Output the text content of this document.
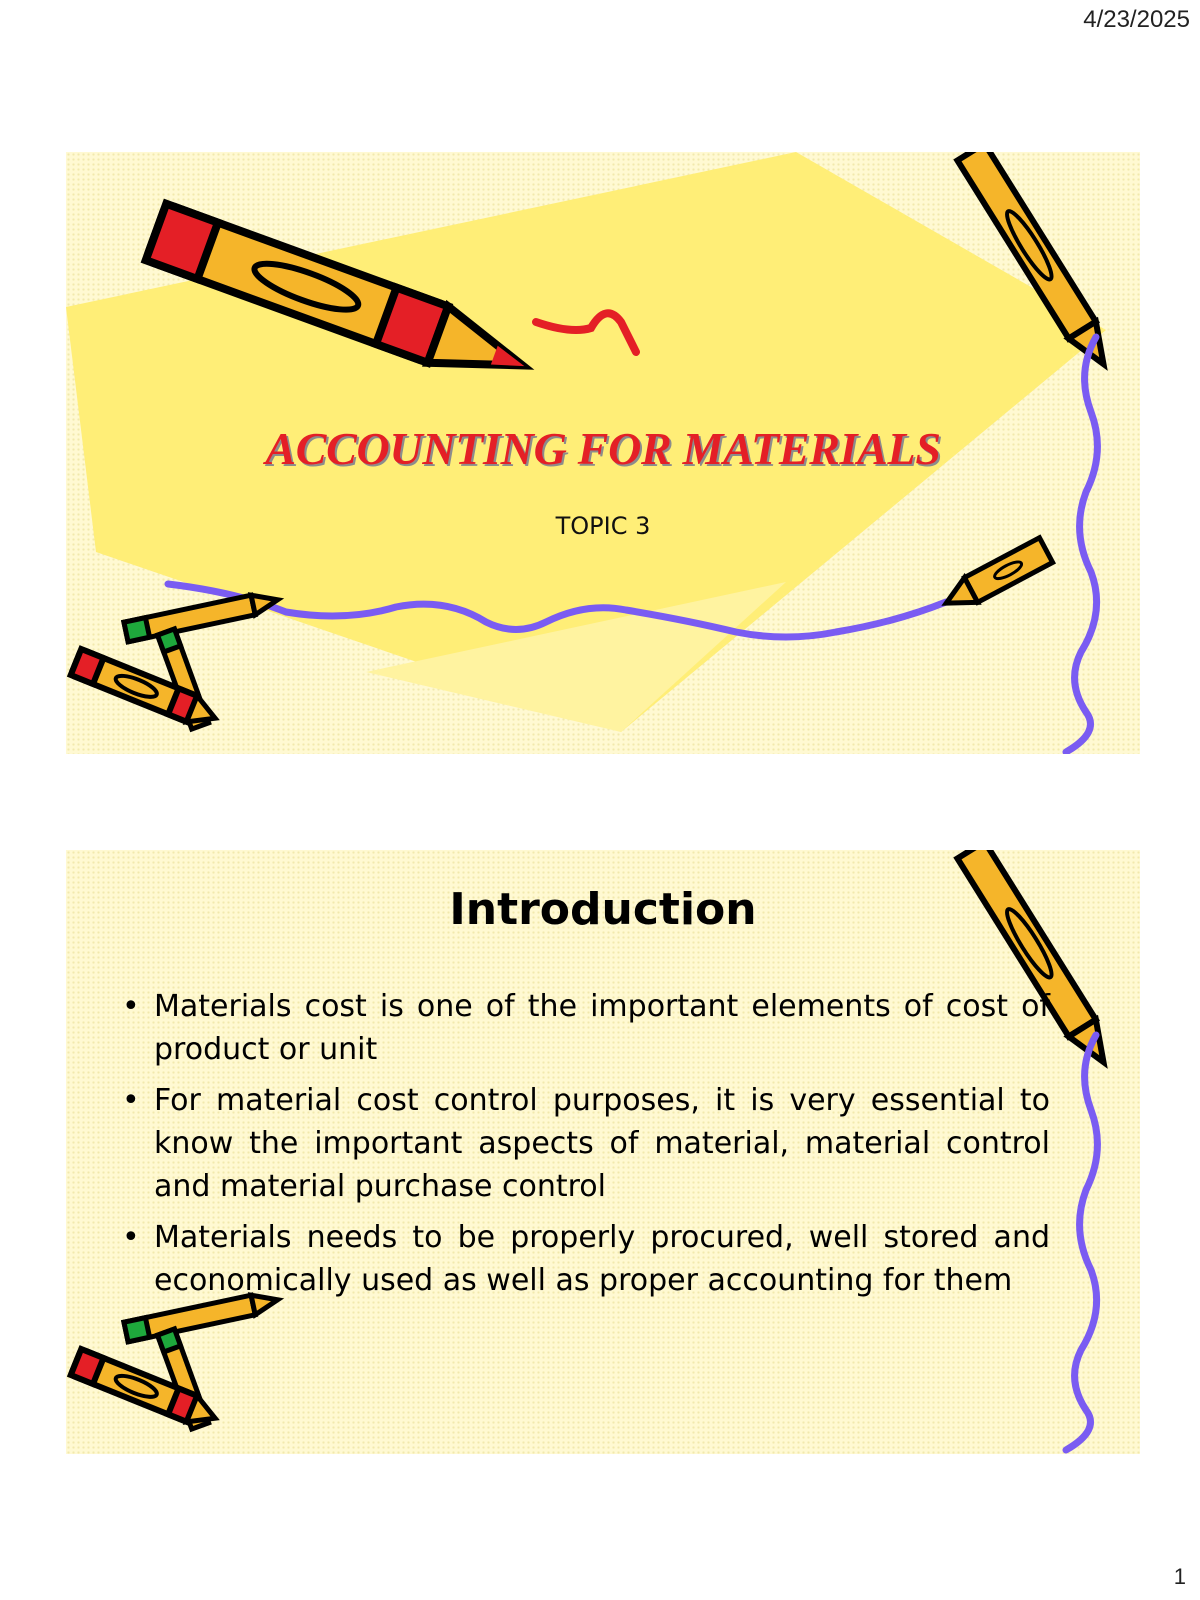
4/23/2025
ACCOUNTING FOR MATERIALS
TOPIC 3
Introduction
• Materials cost is one of the important elements of cost of product or unit
• For material cost control purposes, it is very essential to know the important aspects of material, material control and material purchase control
• Materials needs to be properly procured, well stored and economically used as well as proper accounting for them
1
